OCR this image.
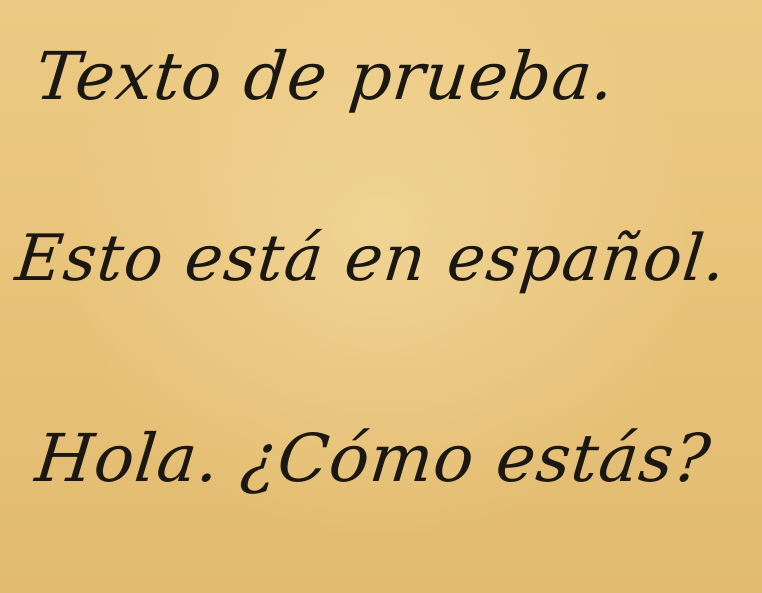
Texto de prueba.

Esto está en español.

Hola. ¿Cómo estás?
